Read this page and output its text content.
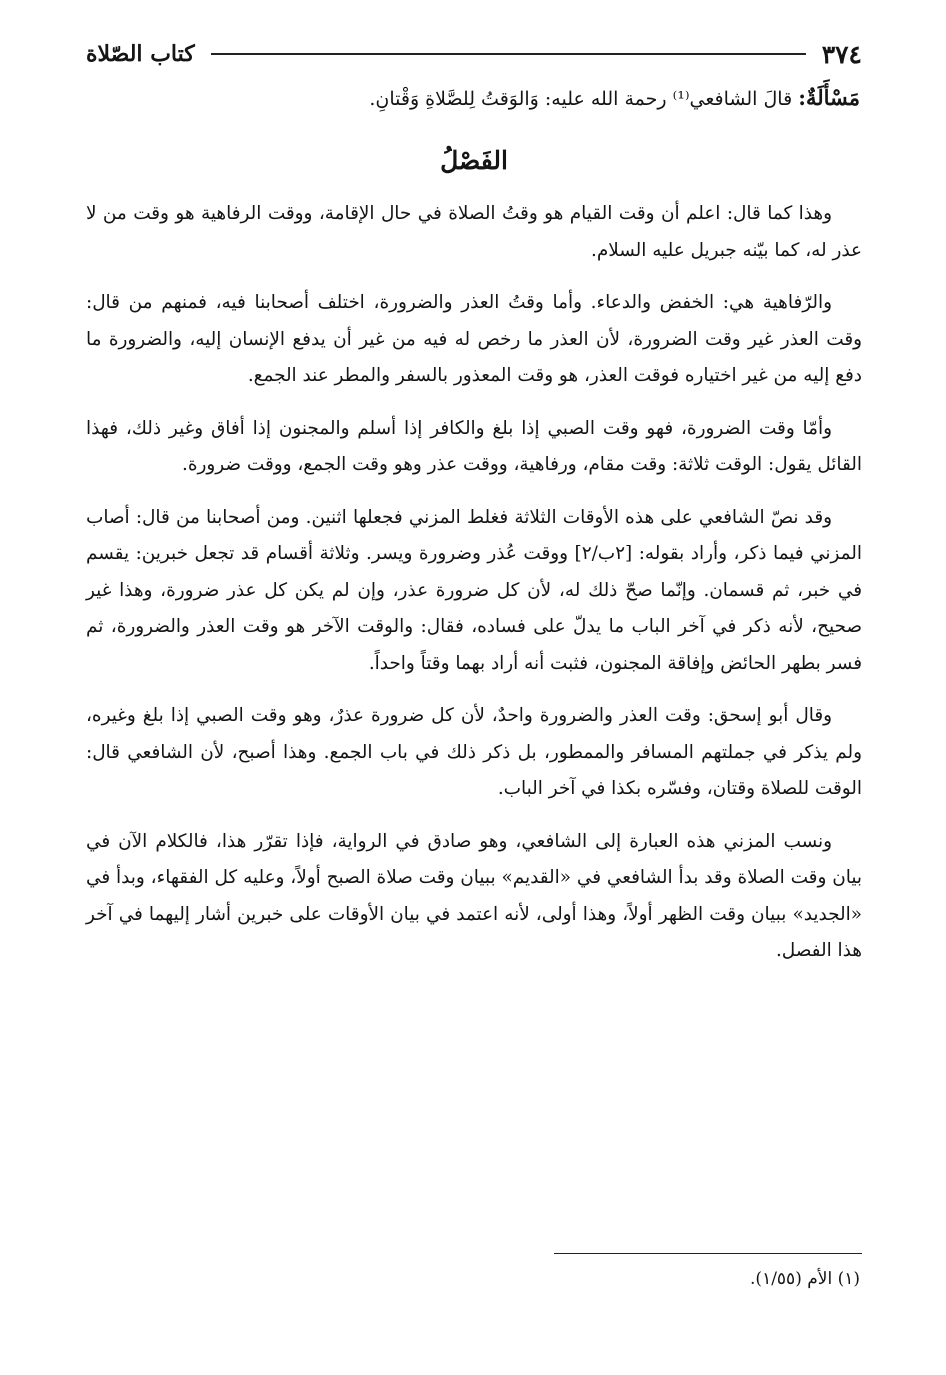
٣٧٤
كتاب الصّلاة
مَسْأَلَةٌ: قالَ الشافعي⁽¹⁾ رحمة الله عليه: وَالوَقتُ لِلصَّلاةِ وَقْتانِ.
الفَصْلُ

وهذا كما قال: اعلم أن وقت القيام هو وقتُ الصلاة في حال الإقامة، ووقت الرفاهية هو وقت من لا عذر له، كما بيّنه جبريل عليه السلام.

والرّفاهية هي: الخفض والدعاء. وأما وقتُ العذر والضرورة، اختلف أصحابنا فيه، فمنهم من قال: وقت العذر غير وقت الضرورة، لأن العذر ما رخص له فيه من غير أن يدفع الإنسان إليه، والضرورة ما دفع إليه من غير اختياره فوقت العذر، هو وقت المعذور بالسفر والمطر عند الجمع.

وأمّا وقت الضرورة، فهو وقت الصبي إذا بلغ والكافر إذا أسلم والمجنون إذا أفاق وغير ذلك، فهذا القائل يقول: الوقت ثلاثة: وقت مقام، ورفاهية، ووقت عذر وهو وقت الجمع، ووقت ضرورة.

وقد نصّ الشافعي على هذه الأوقات الثلاثة فغلط المزني فجعلها اثنين. ومن أصحابنا من قال: أصاب المزني فيما ذكر، وأراد بقوله: [٢ب/٢] ووقت عُذر وضرورة ويسر. وثلاثة أقسام قد تجعل خبرين: يقسم في خبر، ثم قسمان. وإنّما صحّ ذلك له، لأن كل ضرورة عذر، وإن لم يكن كل عذر ضرورة، وهذا غير صحيح، لأنه ذكر في آخر الباب ما يدلّ على فساده، فقال: والوقت الآخر هو وقت العذر والضرورة، ثم فسر بطهر الحائض وإفاقة المجنون، فثبت أنه أراد بهما وقتاً واحداً.

وقال أبو إسحق: وقت العذر والضرورة واحدٌ، لأن كل ضرورة عذرٌ، وهو وقت الصبي إذا بلغ وغيره، ولم يذكر في جملتهم المسافر والممطور، بل ذكر ذلك في باب الجمع. وهذا أصبح، لأن الشافعي قال: الوقت للصلاة وقتان، وفسّره بكذا في آخر الباب.

ونسب المزني هذه العبارة إلى الشافعي، وهو صادق في الرواية، فإذا تقرّر هذا، فالكلام الآن في بيان وقت الصلاة وقد بدأ الشافعي في «القديم» ببيان وقت صلاة الصبح أولاً، وعليه كل الفقهاء، وبدأ في «الجديد» ببيان وقت الظهر أولاً، وهذا أولى، لأنه اعتمد في بيان الأوقات على خبرين أشار إليهما في آخر هذا الفصل.

(١) الأم (١/٥٥).
